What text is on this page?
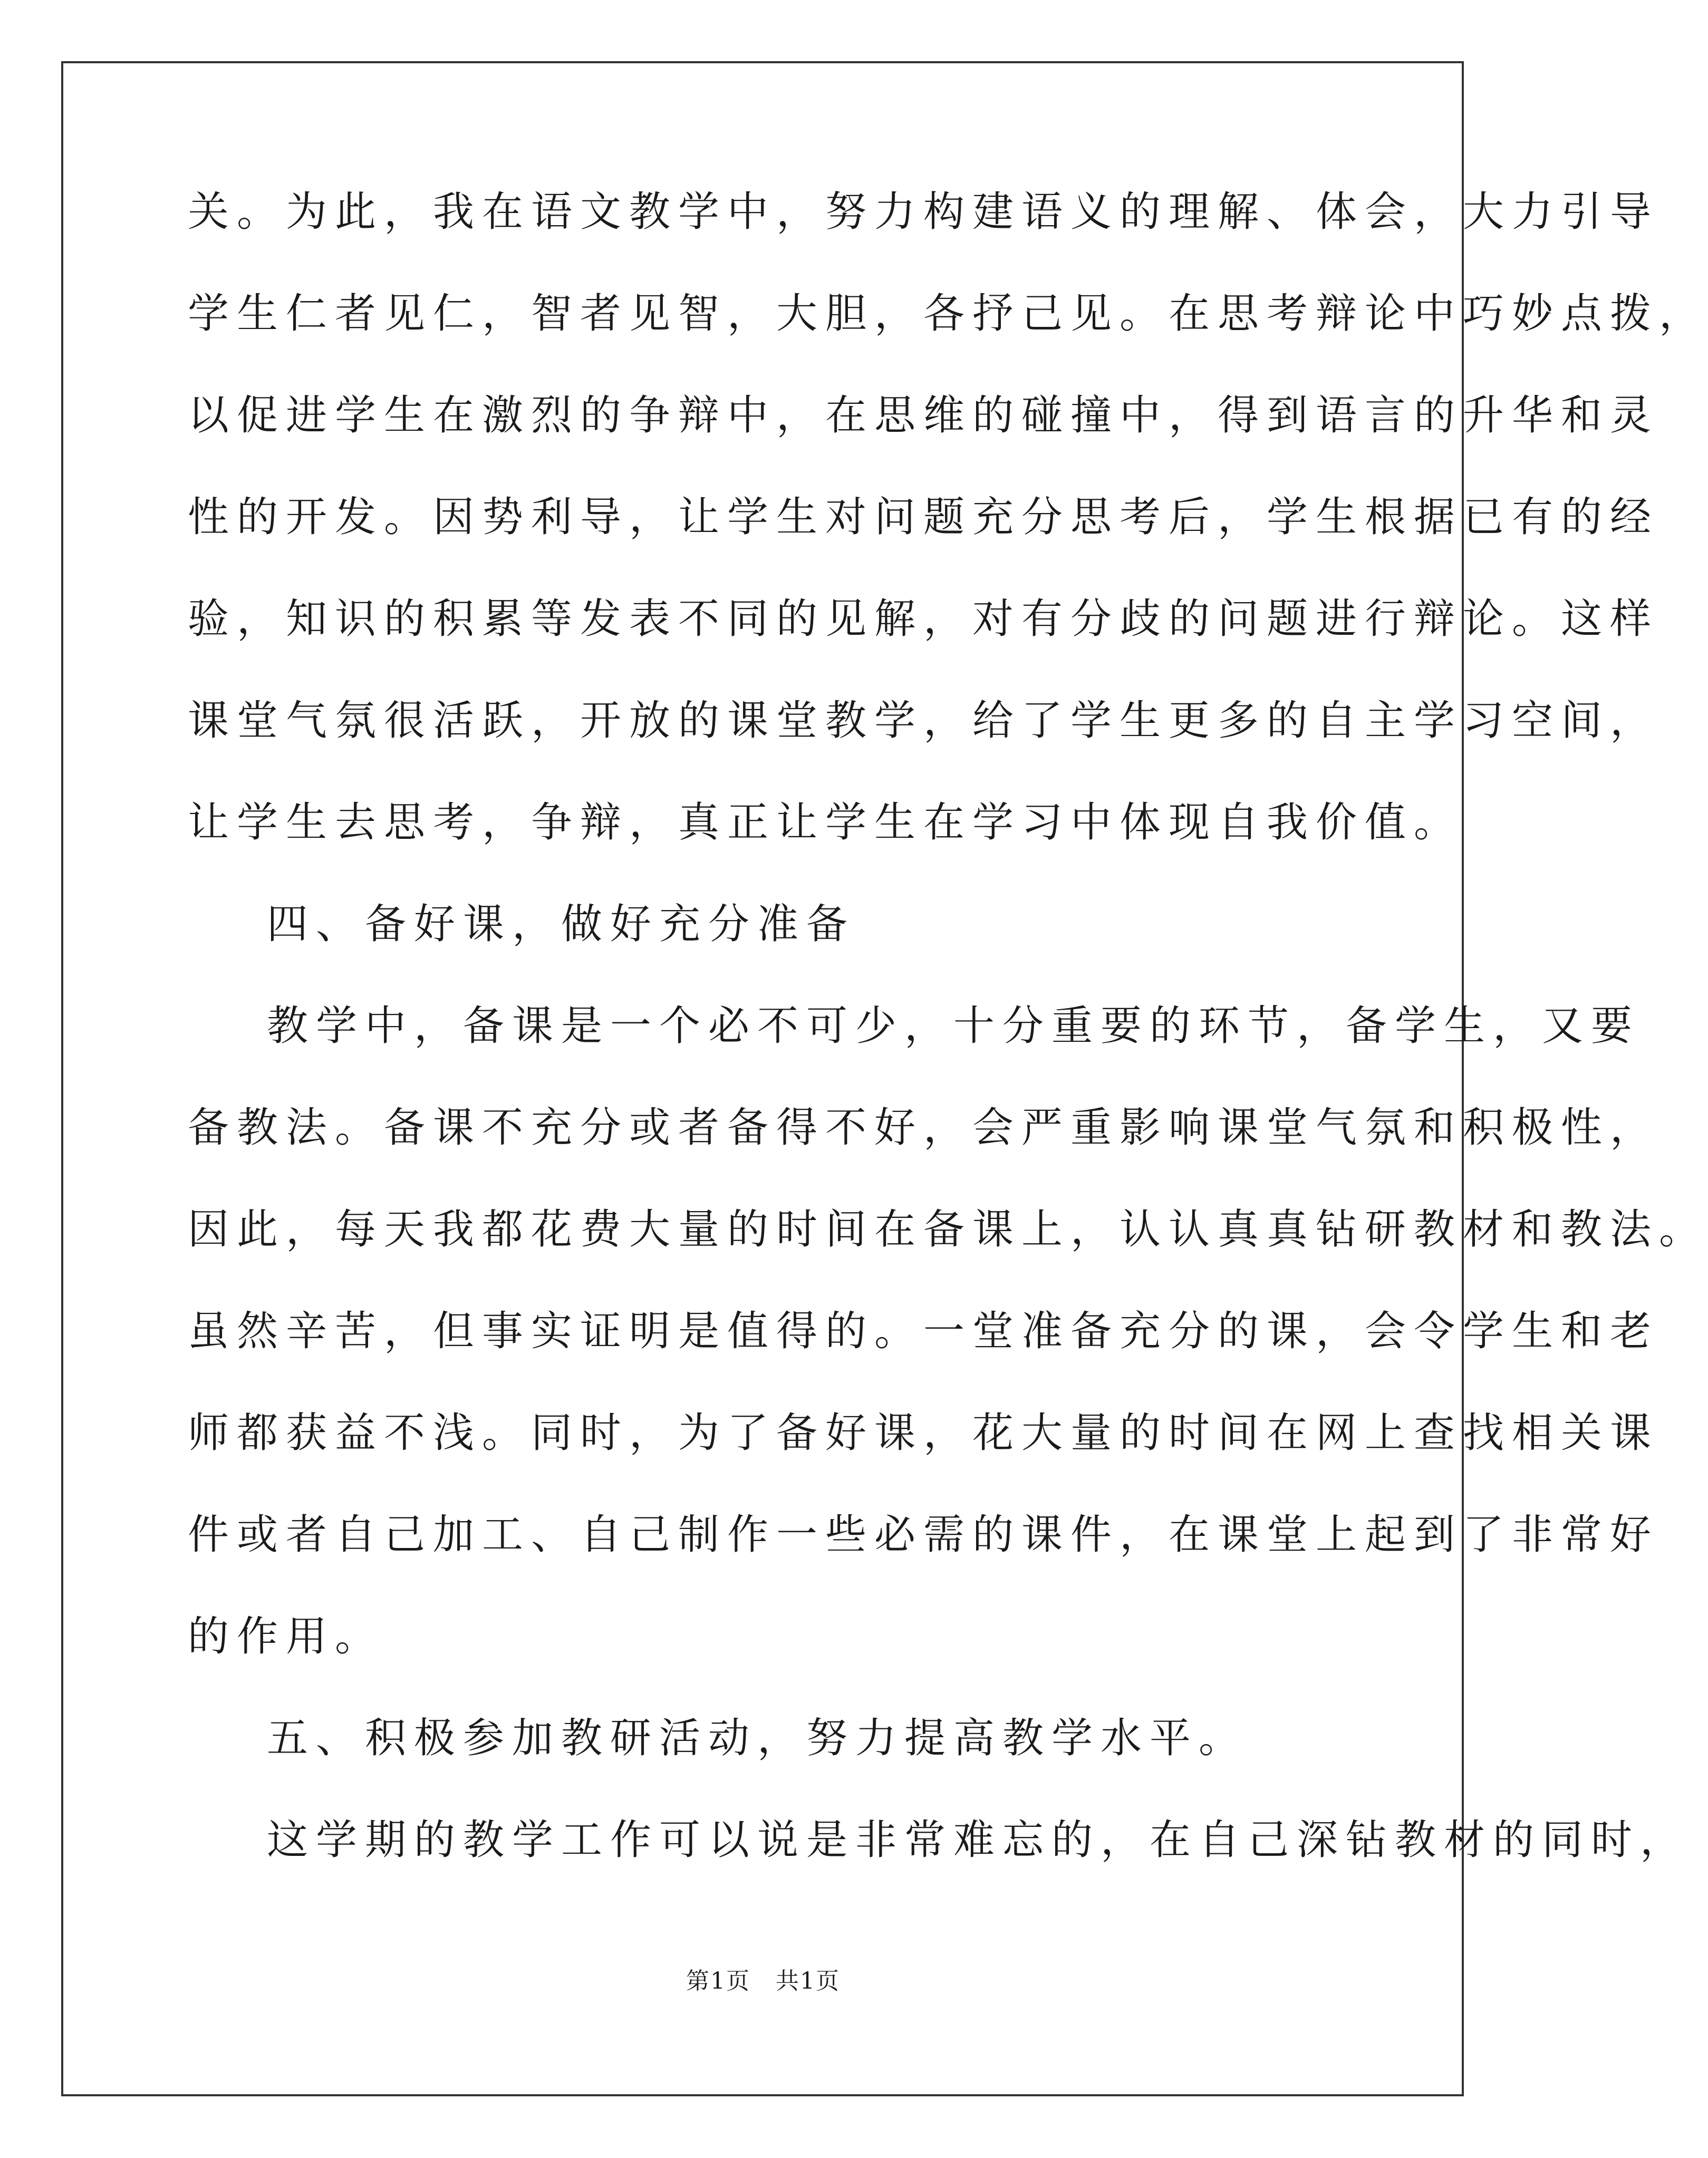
关。为此，我在语文教学中，努力构建语义的理解、体会，大力引导
学生仁者见仁，智者见智，大胆，各抒己见。在思考辩论中巧妙点拨，
以促进学生在激烈的争辩中，在思维的碰撞中，得到语言的升华和灵
性的开发。因势利导，让学生对问题充分思考后，学生根据已有的经
验，知识的积累等发表不同的见解，对有分歧的问题进行辩论。这样
课堂气氛很活跃，开放的课堂教学，给了学生更多的自主学习空间，
让学生去思考，争辩，真正让学生在学习中体现自我价值。
四、备好课，做好充分准备
教学中，备课是一个必不可少，十分重要的环节，备学生，又要
备教法。备课不充分或者备得不好，会严重影响课堂气氛和积极性，
因此，每天我都花费大量的时间在备课上，认认真真钻研教材和教法。
虽然辛苦，但事实证明是值得的。一堂准备充分的课，会令学生和老
师都获益不浅。同时，为了备好课，花大量的时间在网上查找相关课
件或者自己加工、自己制作一些必需的课件，在课堂上起到了非常好
的作用。
五、积极参加教研活动，努力提高教学水平。
这学期的教学工作可以说是非常难忘的，在自己深钻教材的同时，
第1页   共1页
